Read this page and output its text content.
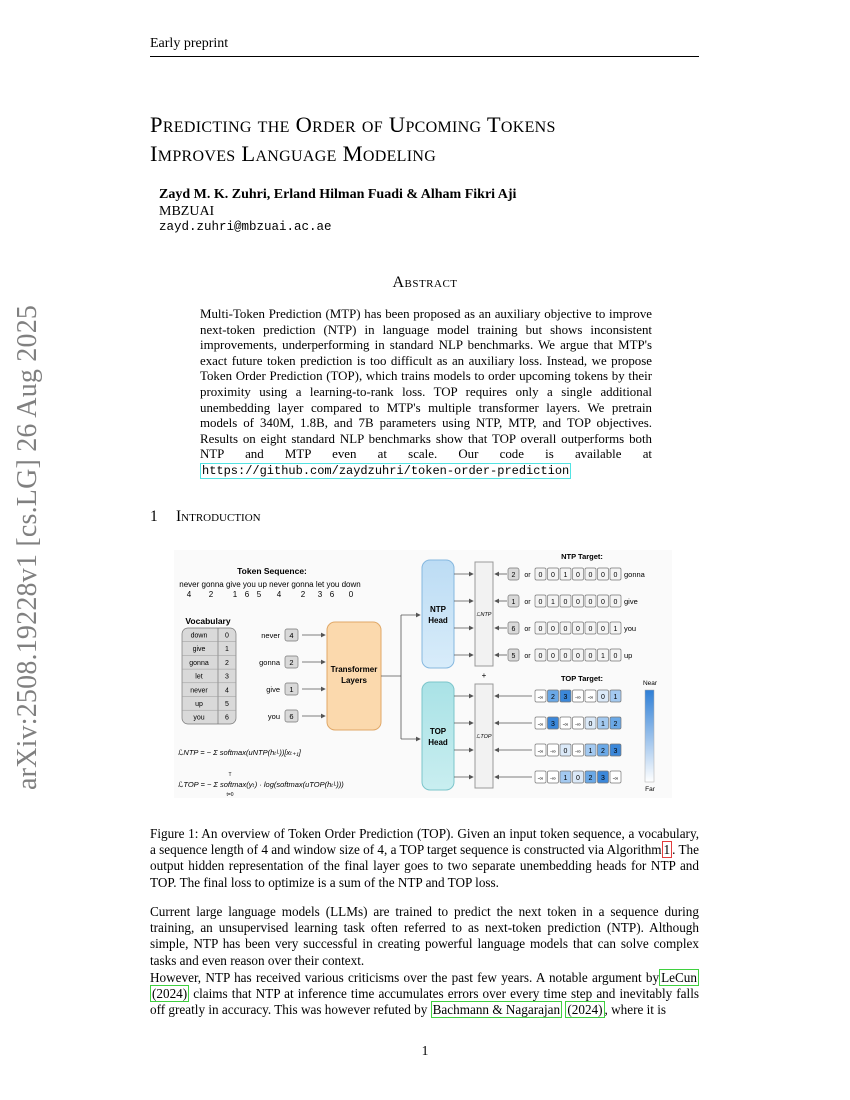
Early preprint
Predicting the Order of Upcoming Tokens
Improves Language Modeling
Zayd M. K. Zuhri, Erland Hilman Fuadi & Alham Fikri Aji
MBZUAI
zayd.zuhri@mbzuai.ac.ae
Abstract
Multi-Token Prediction (MTP) has been proposed as an auxiliary objective to improve next-token prediction (NTP) in language model training but shows inconsistent improvements, underperforming in standard NLP benchmarks. We argue that MTP's exact future token prediction is too difficult as an auxiliary loss. Instead, we propose Token Order Prediction (TOP), which trains models to order upcoming tokens by their proximity using a learning-to-rank loss. TOP requires only a single additional unembedding layer compared to MTP's multiple transformer layers. We pretrain models of 340M, 1.8B, and 7B parameters using NTP, MTP, and TOP objectives. Results on eight standard NLP benchmarks show that TOP overall outperforms both NTP and MTP even at scale. Our code is available at https://github.com/zaydzuhri/token-order-prediction
arXiv:2508.19228v1 [cs.LG] 26 Aug 2025	1 Introduction
Token Sequence:
never gonna give you up never gonna let you down
4 2 1 6 5 4 2 3 6 0
Vocabulary
down	0
give	1
gonna 2
let	3
never 4
up	5
you	6
never 4
gonna 2
give 1
you 6
Transformer
Layers
NTP
Head
TOP
Head
ℒNTP
+
ℒTOP
NTP Target:
2 or 0 0 1 0 0 0 0 gonna
1 or 0 1 0 0 0 0 0 give
6 or 0 0 0 0 0 0 1 you
5 or 0 0 0 0 0 1 0 up
TOP Target:
-∞ 2 3 -∞ -∞ 0 1
-∞ 3 -∞ -∞ 0 1 2
-∞ -∞ 0 -∞ 1 2 3
-∞ -∞ 1 0 2 3 -∞
Near
Far
ℒNTP = − Σ softmax(uNTP(hₜᴸ))[xₜ₊₁]
ℒTOP = − Σ softmax(yₜ) · log(softmax(uTOP(hₜᴸ)))
T
t=0
Figure 1: An overview of Token Order Prediction (TOP). Given an input token sequence, a vocabulary, a sequence length of 4 and window size of 4, a TOP target sequence is constructed via Algorithm 1 . The output hidden representation of the final layer goes to two separate unembedding heads for NTP and TOP. The final loss to optimize is a sum of the NTP and TOP loss.
Current large language models (LLMs) are trained to predict the next token in a sequence during training, an unsupervised learning task often referred to as next-token prediction (NTP). Although simple, NTP has been very successful in creating powerful language models that can solve complex tasks and even reason over their context.
However, NTP has received various criticisms over the past few years. A notable argument by LeCun (2024) claims that NTP at inference time accumulates errors over every time step and inevitably falls off greatly in accuracy. This was however refuted by Bachmann & Nagarajan (2024) , where it is
1
